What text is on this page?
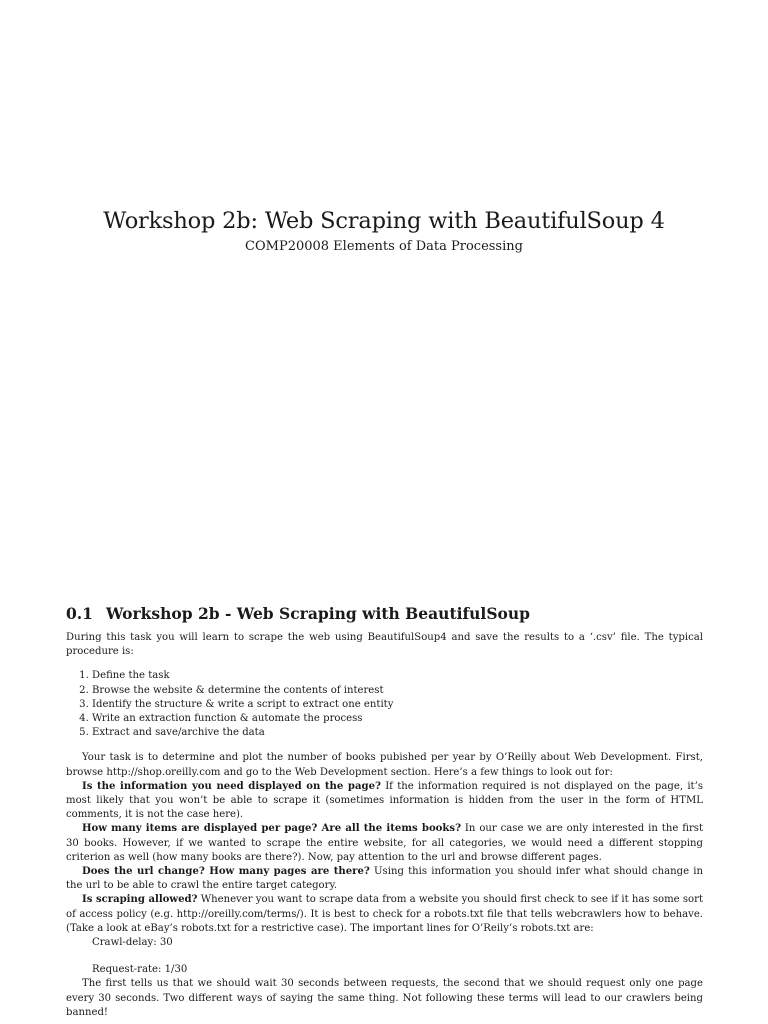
Workshop 2b: Web Scraping with BeautifulSoup 4
COMP20008 Elements of Data Processing
0.1 Workshop 2b - Web Scraping with BeautifulSoup

During this task you will learn to scrape the web using BeautifulSoup4 and save the results to a ‘.csv’ file. The typical procedure is:

1. Define the task
2. Browse the website & determine the contents of interest
3. Identify the structure & write a script to extract one entity
4. Write an extraction function & automate the process
5. Extract and save/archive the data

Your task is to determine and plot the number of books pubished per year by O’Reilly about Web Development. First, browse http://shop.oreilly.com and go to the Web Development section. Here’s a few things to look out for:

Is the information you need displayed on the page? If the information required is not displayed on the page, it’s most likely that you won’t be able to scrape it (sometimes information is hidden from the user in the form of HTML comments, it is not the case here).

How many items are displayed per page? Are all the items books? In our case we are only interested in the first 30 books. However, if we wanted to scrape the entire website, for all categories, we would need a different stopping criterion as well (how many books are there?). Now, pay attention to the url and browse different pages.

Does the url change? How many pages are there? Using this information you should infer what should change in the url to be able to crawl the entire target category.

Is scraping allowed? Whenever you want to scrape data from a website you should first check to see if it has some sort of access policy (e.g. http://oreilly.com/terms/). It is best to check for a robots.txt file that tells webcrawlers how to behave. (Take a look at eBay’s robots.txt for a restrictive case). The important lines for O’Reily’s robots.txt are:

Crawl-delay: 30

Request-rate: 1/30

The first tells us that we should wait 30 seconds between requests, the second that we should request only one page every 30 seconds. Two different ways of saying the same thing. Not following these terms will lead to our crawlers being banned!
